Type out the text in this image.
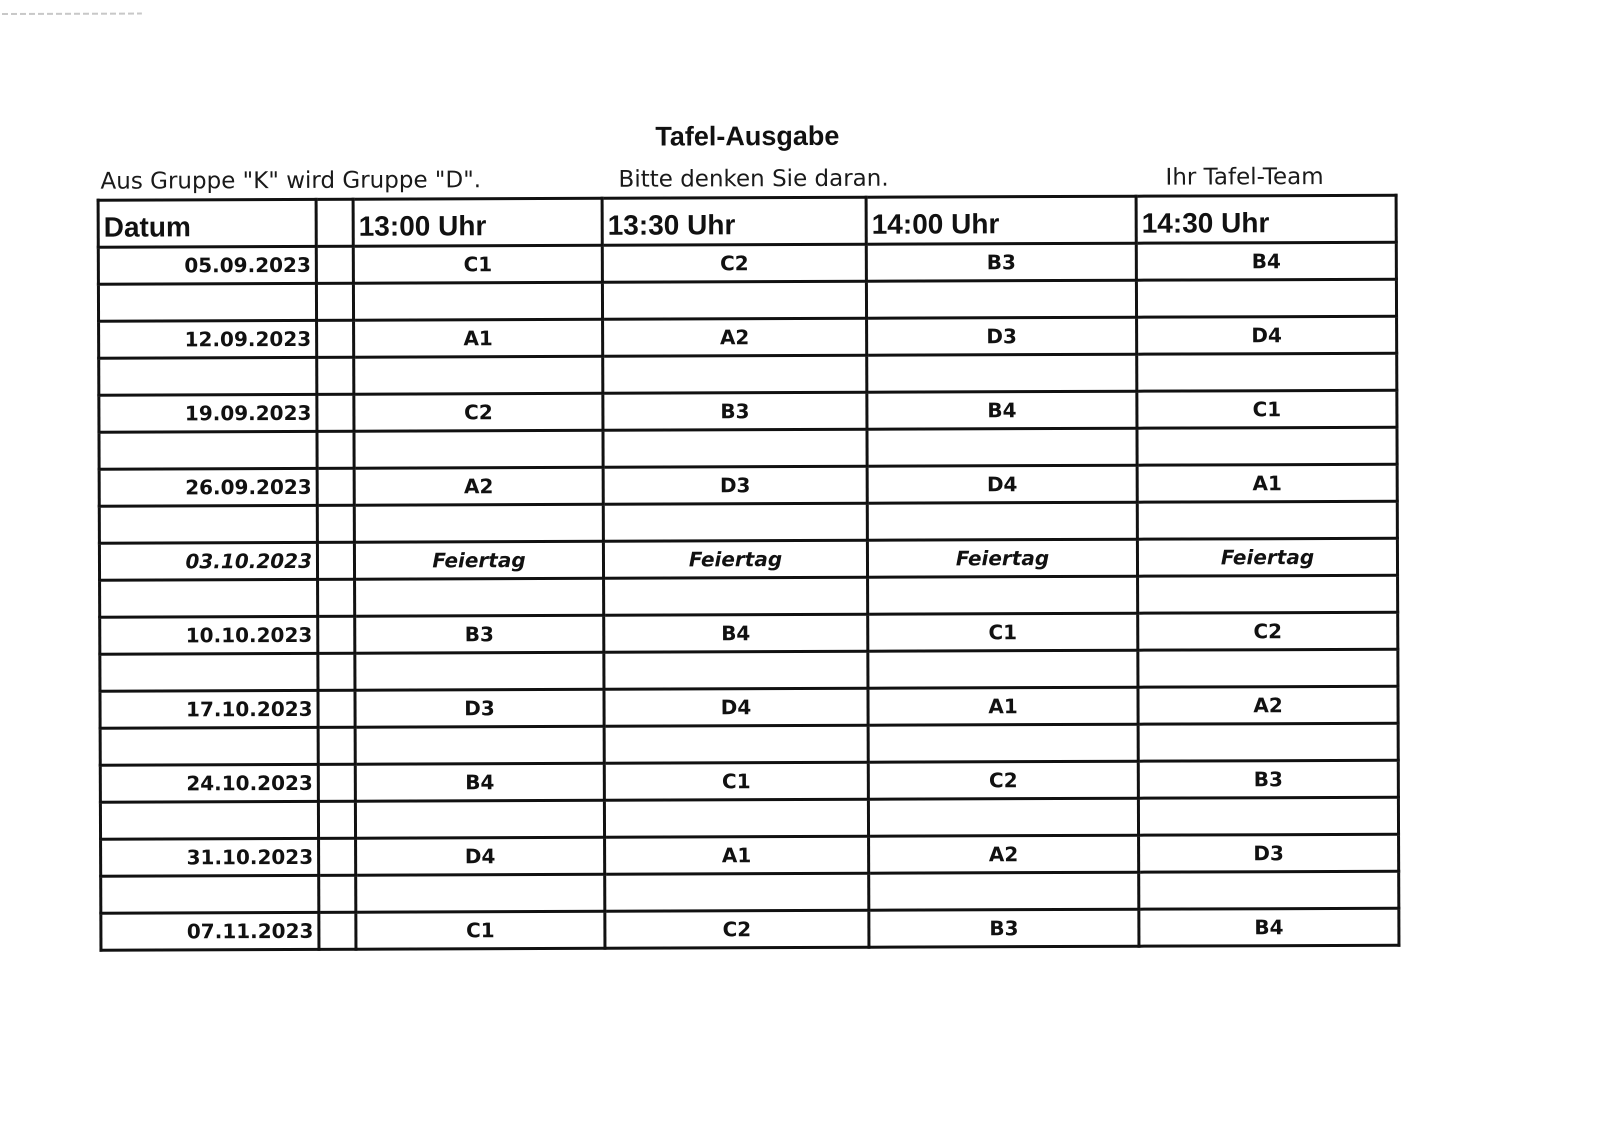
Tafel-Ausgabe
Aus Gruppe "K" wird Gruppe "D".	Bitte denken Sie daran.	Ihr Tafel-Team
Datum		13:00 Uhr	13:30 Uhr	14:00 Uhr	14:30 Uhr
05.09.2023		C1	C2	B3	B4

12.09.2023		A1	A2	D3	D4

19.09.2023		C2	B3	B4	C1

26.09.2023		A2	D3	D4	A1

03.10.2023		Feiertag	Feiertag	Feiertag	Feiertag

10.10.2023		B3	B4	C1	C2

17.10.2023		D3	D4	A1	A2

24.10.2023		B4	C1	C2	B3

31.10.2023		D4	A1	A2	D3

07.11.2023		C1	C2	B3	B4
